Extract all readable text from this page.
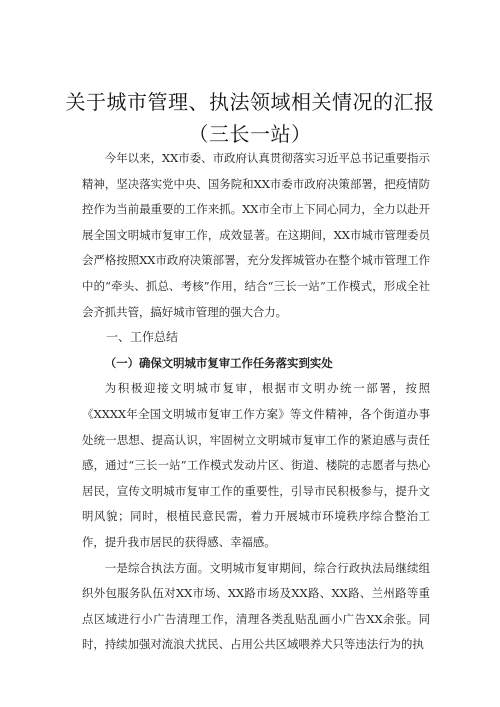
关于城市管理、执法领域相关情况的汇报（三长一站）

今年以来，XX市委、市政府认真贯彻落实习近平总书记重要指示精神，坚决落实党中央、国务院和XX市委市政府决策部署，把疫情防控作为当前最重要的工作来抓。XX市全市上下同心同力，全力以赴开展全国文明城市复审工作，成效显著。在这期间，XX市城市管理委员会严格按照XX市政府决策部署，充分发挥城管办在整个城市管理工作中的“牵头、抓总、考核”作用，结合“三长一站”工作模式，形成全社会齐抓共管，搞好城市管理的强大合力。

一、工作总结

（一）确保文明城市复审工作任务落实到实处

为积极迎接文明城市复审，根据市文明办统一部署，按照《XXXX年全国文明城市复审工作方案》等文件精神，各个街道办事处统一思想、提高认识，牢固树立文明城市复审工作的紧迫感与责任感，通过“三长一站”工作模式发动片区、街道、楼院的志愿者与热心居民，宣传文明城市复审工作的重要性，引导市民积极参与，提升文明风貌；同时，根植民意民需，着力开展城市环境秩序综合整治工作，提升我市居民的获得感、幸福感。

一是综合执法方面。文明城市复审期间，综合行政执法局继续组织外包服务队伍对XX市场、XX路市场及XX路、XX路、兰州路等重点区域进行小广告清理工作，清理各类乱贴乱画小广告XX余张。同时，持续加强对流浪犬扰民、占用公共区域喂养犬只等违法行为的执
